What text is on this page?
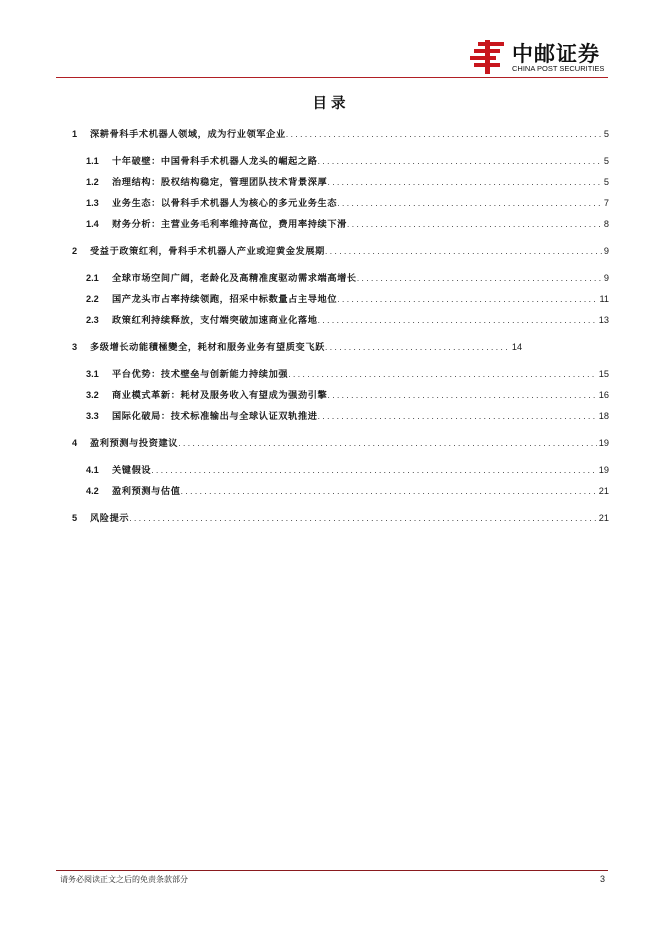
中邮证券
CHINA POST SECURITIES
目录
1	深耕骨科手术机器人领域，成为行业领军企业 .....	5
1.1	十年破壁：中国骨科手术机器人龙头的崛起之路 .....	5
1.2	治理结构：股权结构稳定，管理团队技术背景深厚 .....	5
1.3	业务生态：以骨科手术机器人为核心的多元业务生态 .....	7
1.4	财务分析：主营业务毛利率维持高位，费用率持续下滑 .....	8
2	受益于政策红利，骨科手术机器人产业或迎黄金发展期 .....	9
2.1	全球市场空间广阔，老龄化及高精准度驱动需求端高增长 .....	9
2.2	国产龙头市占率持续领跑，招采中标数量占主导地位 .....	11
2.3	政策红利持续释放，支付端突破加速商业化落地 .....	13
3	多级增长动能積極變全，耗材和服务业务有望质变飞跃 .....	14
3.1	平台优势：技术壁垒与创新能力持续加强 .....	15
3.2	商业模式革新：耗材及服务收入有望成为强劲引擎 .....	16
3.3	国际化破局：技术标准输出与全球认证双轨推进 .....	18
4	盈利预测与投资建议 .....	19
4.1	关键假设 .....	19
4.2	盈利预测与估值 .....	21
5	风险提示 .....	21
请务必阅读正文之后的免责条款部分	3
